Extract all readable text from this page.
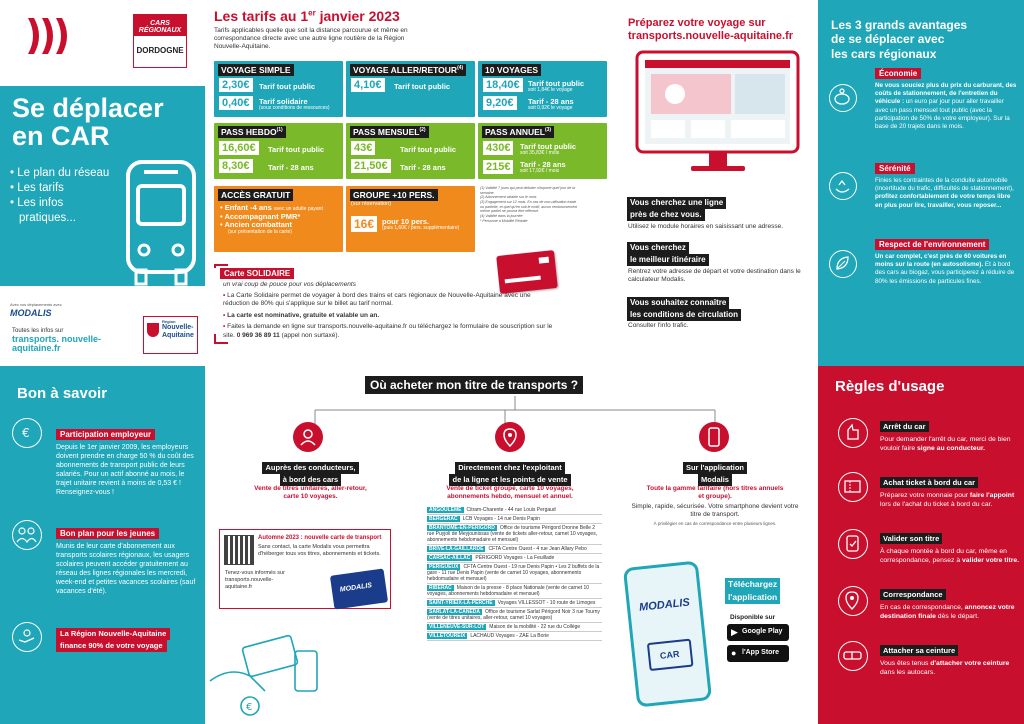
CARS
RÉGIONAUX
DORDOGNE
Se déplacer
en CAR
• Le plan du réseau
• Les tarifs
• Les infos
pratiques...
Avec vos déplacements avec
MODALIS
Toutes les infos sur
transports. nouvelle-
aquitaine.fr
Région
Nouvelle-
Aquitaine
Les tarifs au 1er janvier 2023
Tarifs applicables quelle que soit la distance parcourue et même en correspondance directe avec une autre ligne routière de la Région Nouvelle-Aquitaine.
VOYAGE SIMPLE
2,30€	Tarif tout public
0,40€	Tarif solidaire
(sous conditions de ressources)
VOYAGE ALLER/RETOUR$^{(4)}$
4,10€	Tarif tout public
10 VOYAGES
18,40€	Tarif tout public
soit 1,84€ le voyage
9,20€	Tarif - 28 ans
soit 0,92€ le voyage
PASS HEBDO$^{(1)}$
16,60€	Tarif tout public
8,30€	Tarif - 28 ans
PASS MENSUEL$^{(2)}$
43€	Tarif tout public
21,50€	Tarif - 28 ans
PASS ANNUEL$^{(3)}$
430€	Tarif tout public
soit 35,83€ / mois
215€	Tarif - 28 ans
soit 17,92€ / mois
ACCÈS GRATUIT
• Enfant -4 ans avec un adulte payant
• Accompagnant PMR*
• Ancien combattant
(sur présentation de la carte)
GROUPE +10 PERS.
(sur réservation)
16€	pour 10 pers.
(puis 1,60€ / pers. supplémentaire)
(1) Validité 7 jours qui peut débuter n'importe quel jour de la semaine
(2) Abonnement valable sur le mois
(3) Engagement sur 12 mois. En cas de non-utilisation totale ou partielle, et quel qu'en soit le motif, aucun remboursement même partiel ne pourra être effectué.
(4) Validité dans la journée
* Personne à Mobilité Réduite
Carte SOLIDAIRE
un vrai coup de pouce pour vos déplacements
• La Carte Solidaire permet de voyager à bord des trains et cars régionaux de Nouvelle-Aquitaine avec une réduction de 80% qui s'applique sur le billet au tarif normal.
• La carte est nominative, gratuite et valable un an.
• Faites la demande en ligne sur transports.nouvelle-aquitaine.fr ou téléchargez le formulaire de souscription sur le site. 0 969 36 89 11 (appel non surtaxé).
Préparez votre voyage sur
transports.nouvelle-aquitaine.fr
Vous cherchez une ligne
près de chez vous.
Utilisez le module horaires en saisissant une adresse.
Vous cherchez
le meilleur itinéraire
Rentrez votre adresse de départ et votre destination dans le calculateur Modalis.
Vous souhaitez connaître
les conditions de circulation
Consulter l'info trafic.
Les 3 grands avantages
de se déplacer avec
les cars régionaux
Économie
Ne vous souciez plus du prix du carburant, des coûts de stationnement, de l'entretien du véhicule : un euro par jour pour aller travailler avec un pass mensuel tout public (avec la participation de 50% de votre employeur). Sur la base de 20 trajets dans le mois.
Sérénité
Finies les contraintes de la conduite automobile (incertitude du trafic, difficultés de stationnement), profitez confortablement de votre temps libre en plus pour lire, travailler, vous reposer...
Respect de l'environnement
Un car complet, c'est près de 60 voitures en moins sur la route (en autosolisme). Et à bord des cars au biogaz, vous participerez à réduire de 80% les émissions de particules fines.
Bon à savoir
€	Participation employeur
Depuis le 1er janvier 2009, les employeurs doivent prendre en charge 50 % du coût des abonnements de transport public de leurs salariés. Pour un actif abonné au mois, le trajet unitaire revient à moins de 0,53 € ! Renseignez-vous !
Bon plan pour les jeunes
Munis de leur carte d'abonnement aux transports scolaires régionaux, les usagers scolaires peuvent accéder gratuitement au réseau des lignes régionales les mercredi, week-end et petites vacances scolaires (sauf vacances d'été).
La Région Nouvelle-Aquitaine
finance 90% de votre voyage
Où acheter mon titre de transports ?
Auprès des conducteurs,
à bord des cars
Vente de titres unitaires, aller-retour, carte 10 voyages.
Directement chez l'exploitant
de la ligne et les points de vente
Vente de ticket groupe, carte 10 voyages, abonnements hebdo, mensuel et annuel.
Sur l'application
Modalis
Toute la gamme tarifaire (hors titres annuels et groupe).
Simple, rapide, sécurisée. Votre smartphone devient votre titre de transport.
À privilégier en cas de correspondance entre plusieurs lignes.
ANGOULÊME Citram-Charente - 44 rue Louis Pergaud
BERGERAC LCB Voyages - 14 rue Denis Papin
BRANTÔME-EN-PÉRIGORD Office de tourisme Périgord Dronne Belle 2 rue Puyjoli de Meyjounissas (vente de tickets aller-retour, carnet 10 voyages, abonnements hebdomadaire et mensuel)
BRIVE-LA-GAILLARDE CFTA Centre Ouest - 4 rue Jean Allary Pebo
CARSAC-AILLAC PÉRIGORD Voyages - La Feuillade
PÉRIGUEUX CFTA Centre Ouest - 19 rue Denis Papin • Les 2 buffets de la gare - 11 rue Denis Papin (vente de carnet 10 voyages, abonnements hebdomadaire et mensuel)
RIBÉRAC Maison de la presse - 8 place Nationale (vente de carnet 10 voyages, abonnements hebdomadaire et mensuel)
SAINT-YRIEIX-LA-PERCHE Voyages VILLESSOT - 10 route de Limoges
SARLAT-LA-CANÉDA Office de tourisme Sarlat Périgord Noir 3 rue Tourny (vente de titres unitaires, aller-retour, carnet 10 voyages)
VILLENEUVE-SUR-LOT Maison de la mobilité - 22 rue du Collège
VILLETOUREIX LACHAUD Voyages - ZAE La Borie
Automne 2023 : nouvelle carte de transport
Sans contact, la carte Modalis vous permettra d'héberger tous vos titres, abonnements et tickets.
Tenez-vous informés sur transports.nouvelle-aquitaine.fr	MODALIS
€
MODALIS
CAR
Téléchargez
l'application
Disponible sur
▶ Google Play
● l'App Store
Règles d'usage
Arrêt du car
Pour demander l'arrêt du car, merci de bien vouloir faire signe au conducteur.
Achat ticket à bord du car
Préparez votre monnaie pour faire l'appoint lors de l'achat du ticket à bord du car.
Valider son titre
À chaque montée à bord du car, même en correspondance, pensez à valider votre titre.
Correspondance
En cas de correspondance, annoncez votre destination finale dès le départ.
Attacher sa ceinture
Vous êtes tenus d'attacher votre ceinture dans les autocars.
